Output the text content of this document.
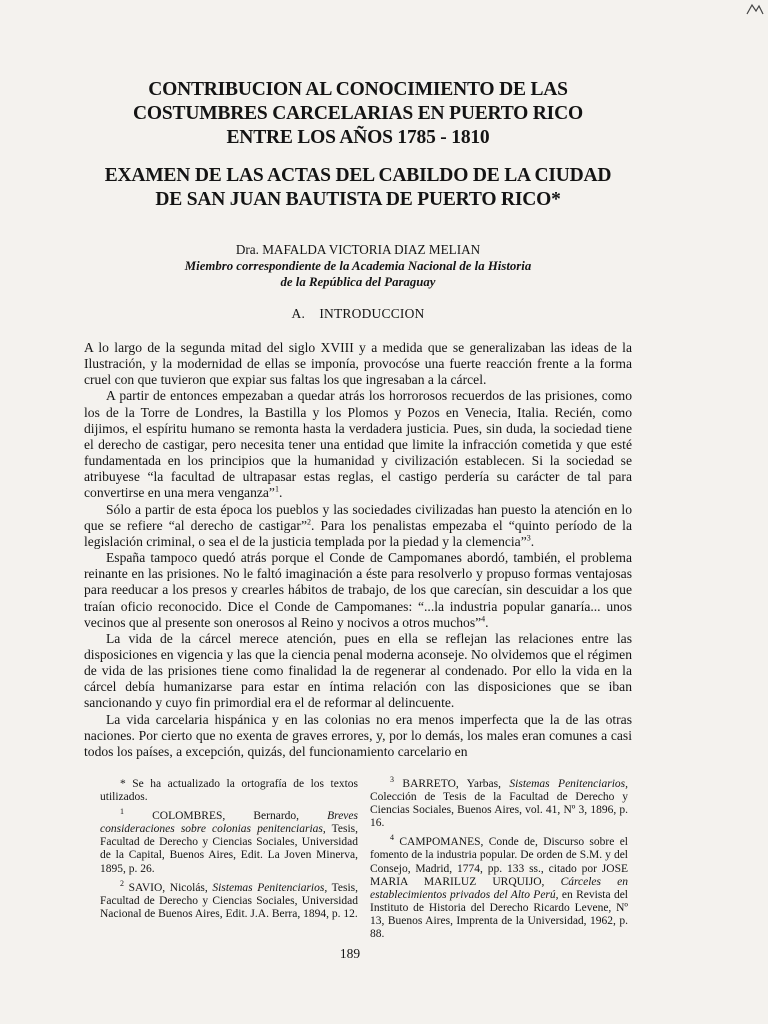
CONTRIBUCION AL CONOCIMIENTO DE LAS
COSTUMBRES CARCELARIAS EN PUERTO RICO
ENTRE LOS AÑOS 1785 - 1810
EXAMEN DE LAS ACTAS DEL CABILDO DE LA CIUDAD
DE SAN JUAN BAUTISTA DE PUERTO RICO*
Dra. MAFALDA VICTORIA DIAZ MELIAN
Miembro correspondiente de la Academia Nacional de la Historia
de la República del Paraguay
A. INTRODUCCION

A lo largo de la segunda mitad del siglo XVIII y a medida que se generalizaban las ideas de la Ilustración, y la modernidad de ellas se imponía, provocóse una fuerte reacción frente a la forma cruel con que tuvieron que expiar sus faltas los que ingresaban a la cárcel.

A partir de entonces empezaban a quedar atrás los horrorosos recuerdos de las prisiones, como los de la Torre de Londres, la Bastilla y los Plomos y Pozos en Venecia, Italia. Recién, como dijimos, el espíritu humano se remonta hasta la verdadera justicia. Pues, sin duda, la sociedad tiene el derecho de castigar, pero necesita tener una entidad que limite la infracción cometida y que esté fundamentada en los principios que la humanidad y civilización establecen. Si la sociedad se atribuyese “la facultad de ultrapasar estas reglas, el castigo perdería su carácter de tal para convertirse en una mera venganza”$^1$.

Sólo a partir de esta época los pueblos y las sociedades civilizadas han puesto la atención en lo que se refiere “al derecho de castigar”$^2$. Para los penalistas empezaba el “quinto período de la legislación criminal, o sea el de la justicia templada por la piedad y la clemencia”$^3$.

España tampoco quedó atrás porque el Conde de Campomanes abordó, también, el problema reinante en las prisiones. No le faltó imaginación a éste para resolverlo y propuso formas ventajosas para reeducar a los presos y crearles hábitos de trabajo, de los que carecían, sin descuidar a los que traían oficio reconocido. Dice el Conde de Campomanes: “...la industria popular ganaría... unos vecinos que al presente son onerosos al Reino y nocivos a otros muchos”$^4$.

La vida de la cárcel merece atención, pues en ella se reflejan las relaciones entre las disposiciones en vigencia y las que la ciencia penal moderna aconseje. No olvidemos que el régimen de vida de las prisiones tiene como finalidad la de regenerar al condenado. Por ello la vida en la cárcel debía humanizarse para estar en íntima relación con las disposiciones que se iban sancionando y cuyo fin primordial era el de reformar al delincuente.

La vida carcelaria hispánica y en las colonias no era menos imperfecta que la de las otras naciones. Por cierto que no exenta de graves errores, y, por lo demás, los males eran comunes a casi todos los países, a excepción, quizás, del funcionamiento carcelario en

* Se ha actualizado la ortografía de los textos utilizados.
$^1$ COLOMBRES, Bernardo, Breves consideraciones sobre colonias penitenciarias, Tesis, Facultad de Derecho y Ciencias Sociales, Universidad de la Capital, Buenos Aires, Edit. La Joven Minerva, 1895, p. 26.
$^2$ SAVIO, Nicolás, Sistemas Penitenciarios, Tesis, Facultad de Derecho y Ciencias Sociales, Universidad Nacional de Buenos Aires, Edit. J.A. Berra, 1894, p. 12.
$^3$ BARRETO, Yarbas, Sistemas Penitenciarios, Colección de Tesis de la Facultad de Derecho y Ciencias Sociales, Buenos Aires, vol. 41, Nº 3, 1896, p. 16.
$^4$ CAMPOMANES, Conde de, Discurso sobre el fomento de la industria popular. De orden de S.M. y del Consejo, Madrid, 1774, pp. 133 ss., citado por JOSE MARIA MARILUZ URQUIJO, Cárceles en establecimientos privados del Alto Perú, en Revista del Instituto de Historia del Derecho Ricardo Levene, Nº 13, Buenos Aires, Imprenta de la Universidad, 1962, p. 88.
189
